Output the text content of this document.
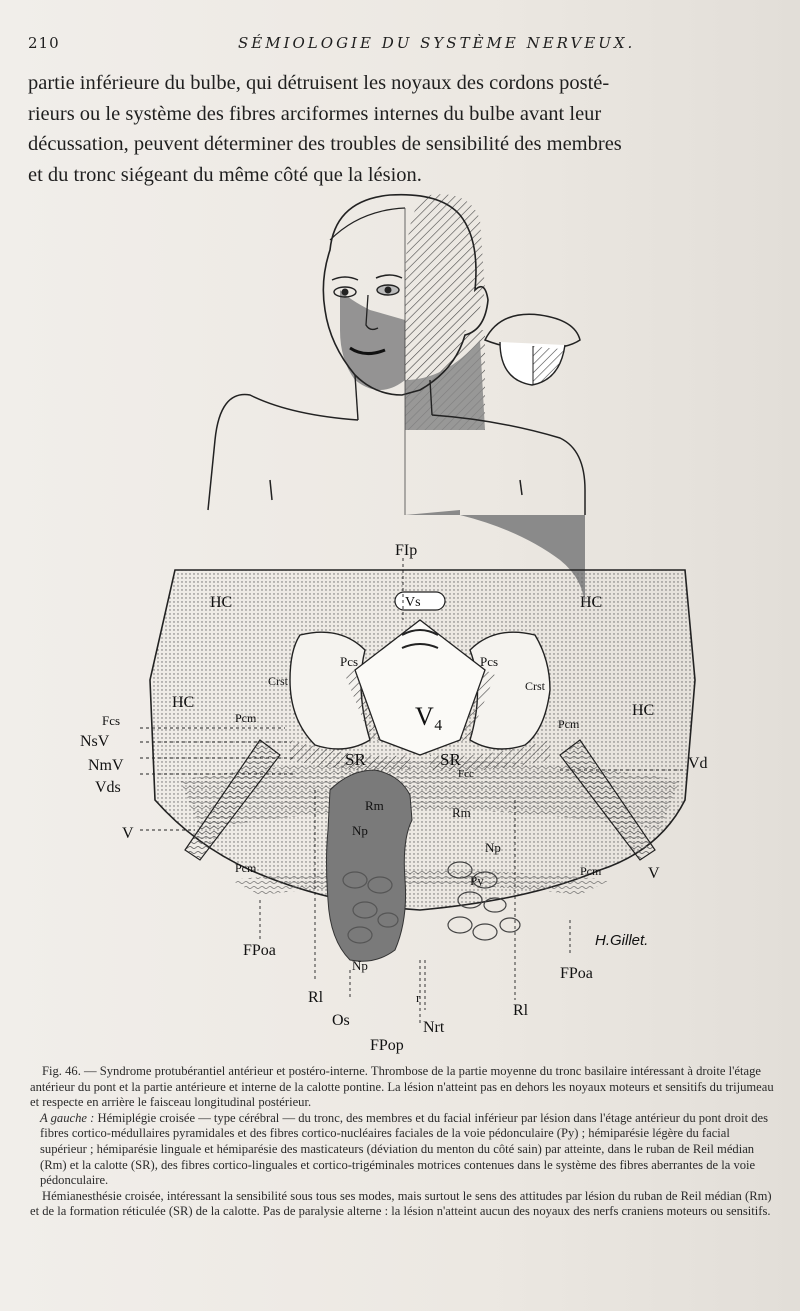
210	SÉMIOLOGIE DU SYSTÈME NERVEUX.
partie inférieure du bulbe, qui détruisent les noyaux des cordons posté-
rieurs ou le système des fibres arciformes internes du bulbe avant leur
décussation, peuvent déterminer des troubles de sensibilité des membres
et du tronc siégeant du même côté que la lésion.
FIp
Vs
HC	HC
HC	HC
Pcs	Pcs
Crst	Crst
Pcm	Pcm
V₄
SR	SR
Fcs
NsV
NmV
Vds
Vd
V
V
Fcc
Rm	Rm
Np
Np
Np
Py
Pcm	Pcm
FPoa
FPoa
Rl
Rl
Os
r
Nrt
FPop
H.Gillet.

Fig. 46. — Syndrome protubérantiel antérieur et postéro-interne. Thrombose de la partie moyenne du tronc basilaire intéressant à droite l'étage antérieur du pont et la partie antérieure et interne de la calotte pontine. La lésion n'atteint pas en dehors les noyaux moteurs et sensitifs du trijumeau et respecte en arrière le faisceau longitudinal postérieur.

A gauche : Hémiplégie croisée — type cérébral — du tronc, des membres et du facial inférieur par lésion dans l'étage antérieur du pont droit des fibres cortico-médullaires pyramidales et des fibres cortico-nucléaires faciales de la voie pédonculaire (Py) ; hémiparésie légère du facial supérieur ; hémiparésie linguale et hémiparésie des masticateurs (déviation du menton du côté sain) par atteinte, dans le ruban de Reil médian (Rm) et la calotte (SR), des fibres cortico-linguales et cortico-trigéminales motrices contenues dans le système des fibres aberrantes de la voie pédonculaire.

Hémianesthésie croisée, intéressant la sensibilité sous tous ses modes, mais surtout le sens des attitudes par lésion du ruban de Reil médian (Rm) et de la formation réticulée (SR) de la calotte. Pas de paralysie alterne : la lésion n'atteint aucun des noyaux des nerfs craniens moteurs ou sensitifs.
